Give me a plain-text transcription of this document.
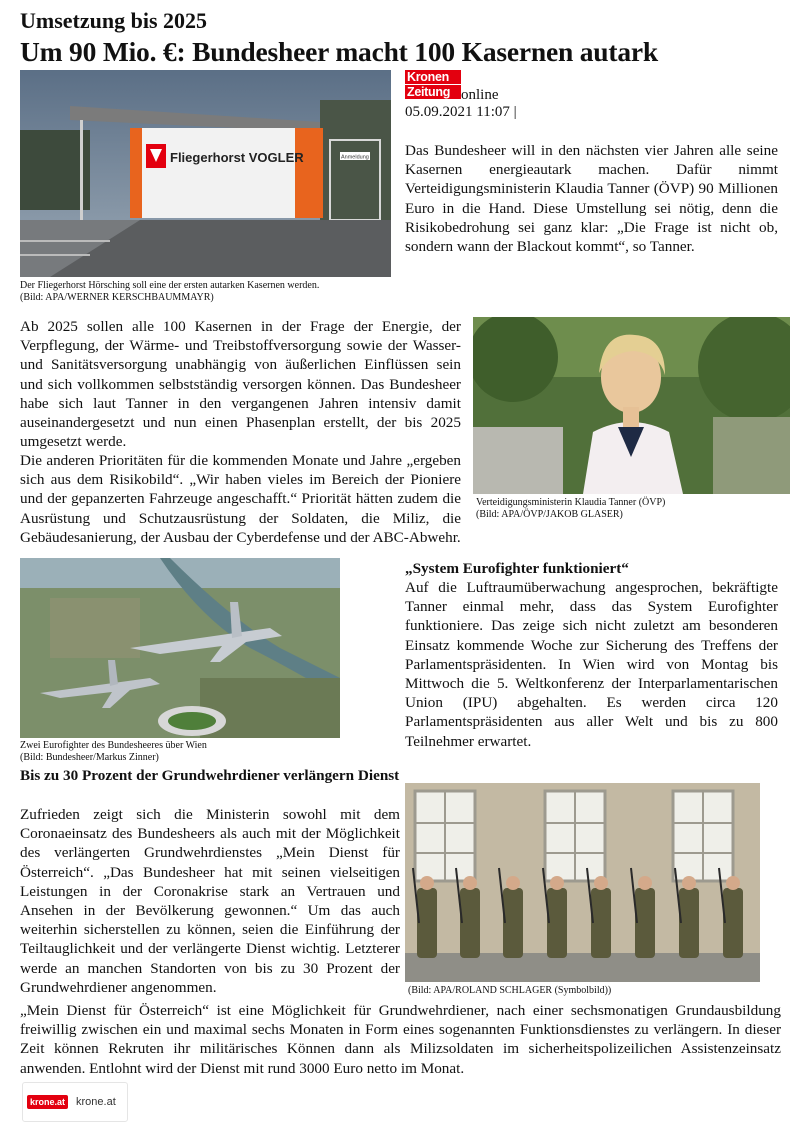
Umsetzung bis 2025
Um 90 Mio. €: Bundesheer macht 100 Kasernen autark
Fliegerhorst VOGLER	Anmeldung
Der Fliegerhorst Hörsching soll eine der ersten autarken Kasernen werden.
(Bild: APA/WERNER KERSCHBAUMMAYR)
Kronen
Zeitung online
05.09.2021 11:07 |
Das Bundesheer will in den nächsten vier Jahren alle seine Kasernen energieautark machen. Dafür nimmt Verteidigungsministerin Klaudia Tanner (ÖVP) 90 Millionen Euro in die Hand. Diese Umstellung sei nötig, denn die Risikobedrohung sei ganz klar: „Die Frage ist nicht ob, sondern wann der Blackout kommt“, so Tanner.
Ab 2025 sollen alle 100 Kasernen in der Frage der Energie, der Verpflegung, der Wärme- und Treibstoffversorgung sowie der Wasser-und Sanitätsversorgung unabhängig von äußerlichen Einflüssen sein und sich vollkommen selbstständig versorgen können. Das Bundesheer habe sich laut Tanner in den vergangenen Jahren intensiv damit auseinandergesetzt und nun einen Phasenplan erstellt, der bis 2025 umgesetzt werde.
Die anderen Prioritäten für die kommenden Monate und Jahre „ergeben sich aus dem Risikobild“. „Wir haben vieles im Bereich der Pioniere und der gepanzerten Fahrzeuge angeschafft.“ Priorität hätten zudem die Ausrüstung und Schutzausrüstung der Soldaten, die Miliz, die Gebäudesanierung, der Ausbau der Cyberdefense und der ABC-Abwehr.
Verteidigungsministerin Klaudia Tanner (ÖVP)
(Bild: APA/ÖVP/JAKOB GLASER)
Zwei Eurofighter des Bundesheeres über Wien
(Bild: Bundesheer/Markus Zinner)
„System Eurofighter funktioniert“
Auf die Luftraumüberwachung angesprochen, bekräftigte Tanner einmal mehr, dass das System Eurofighter funktioniere. Das zeige sich nicht zuletzt am besonderen Einsatz kommende Woche zur Sicherung des Treffens der Parlamentspräsidenten. In Wien wird von Montag bis Mittwoch die 5. Weltkonferenz der Interparlamentarischen Union (IPU) abgehalten. Es werden circa 120 Parlamentspräsidenten aus aller Welt und bis zu 800 Teilnehmer erwartet.
Bis zu 30 Prozent der Grundwehrdiener verlängern Dienst
Zufrieden zeigt sich die Ministerin sowohl mit dem Coronaeinsatz des Bundesheers als auch mit der Möglichkeit des verlängerten Grundwehrdienstes „Mein Dienst für Österreich“. „Das Bundesheer hat mit seinen vielseitigen Leistungen in der Coronakrise stark an Vertrauen und Ansehen in der Bevölkerung gewonnen.“ Um das auch weiterhin sicherstellen zu können, seien die Einführung der Teiltauglichkeit und der verlängerte Dienst wichtig. Letzterer werde an manchen Standorten von bis zu 30 Prozent der Grundwehrdiener angenommen.	(Bild: APA/ROLAND SCHLAGER (Symbolbild))
„Mein Dienst für Österreich“ ist eine Möglichkeit für Grundwehrdiener, nach einer sechsmonatigen Grundausbildung freiwillig zwischen ein und maximal sechs Monaten in Form eines sogenannten Funktionsdienstes zu verlängern. In dieser Zeit können Rekruten ihr militärisches Können dann als Milizsoldaten im sicherheitspolizeilichen Assistenzeinsatz anwenden. Entlohnt wird der Dienst mit rund 3000 Euro netto im Monat.
krone.at krone.at
